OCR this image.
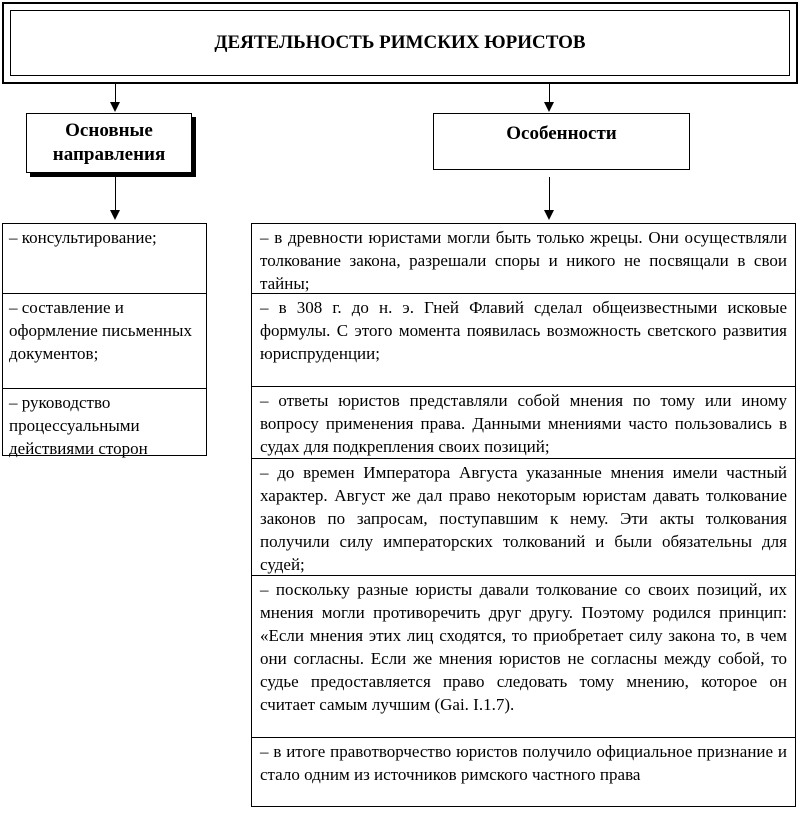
ДЕЯТЕЛЬНОСТЬ РИМСКИХ ЮРИСТОВ
Основные направления
Особенности
– консультирование;
– составление и оформление письменных документов;
– руководство процессуальными действиями сторон
– в древности юристами могли быть только жрецы. Они осуществляли толкование закона, разрешали споры и никого не посвящали в свои тайны;
– в 308 г. до н. э. Гней Флавий сделал общеизвестными исковые формулы. С этого момента появилась возможность светского развития юриспруденции;
– ответы юристов представляли собой мнения по тому или иному вопросу применения права. Данными мнениями часто пользовались в судах для подкрепления своих позиций;
– до времен Императора Августа указанные мнения имели частный характер. Август же дал право некоторым юристам давать толкование законов по запросам, поступавшим к нему. Эти акты толкования получили силу императорских толкований и были обязательны для судей;
– поскольку разные юристы давали толкование со своих позиций, их мнения могли противоречить друг другу. Поэтому родился принцип: «Если мнения этих лиц сходятся, то приобретает силу закона то, в чем они согласны. Если же мнения юристов не согласны между собой, то судье предоставляется право следовать тому мнению, которое он считает самым лучшим (Gai. I.1.7).
– в итоге правотворчество юристов получило официальное признание и стало одним из источников римского частного права
